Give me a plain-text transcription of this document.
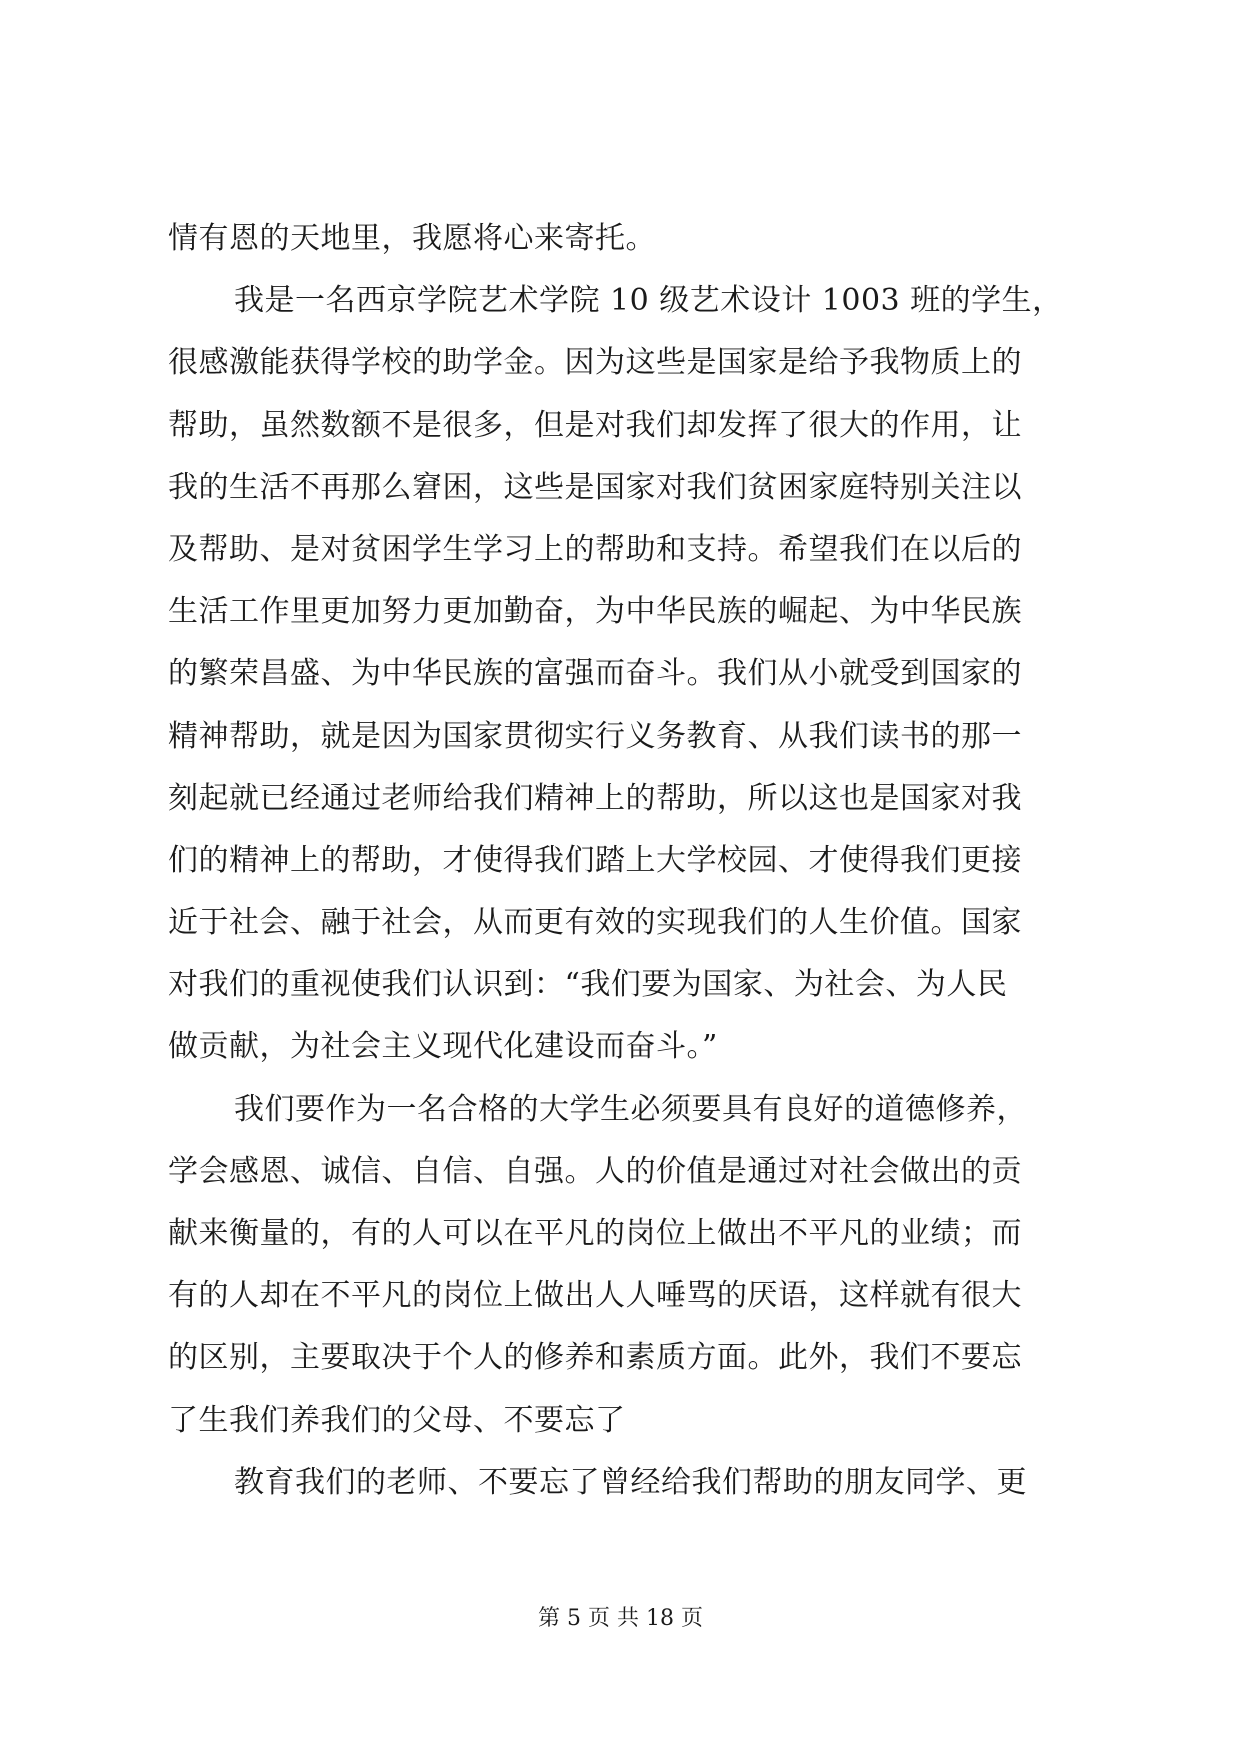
情有恩的天地里，我愿将心来寄托。
我是一名西京学院艺术学院 10 级艺术设计 1003 班的学生，
很感激能获得学校的助学金。因为这些是国家是给予我物质上的
帮助，虽然数额不是很多，但是对我们却发挥了很大的作用，让
我的生活不再那么窘困，这些是国家对我们贫困家庭特别关注以
及帮助、是对贫困学生学习上的帮助和支持。希望我们在以后的
生活工作里更加努力更加勤奋，为中华民族的崛起、为中华民族
的繁荣昌盛、为中华民族的富强而奋斗。我们从小就受到国家的
精神帮助，就是因为国家贯彻实行义务教育、从我们读书的那一
刻起就已经通过老师给我们精神上的帮助，所以这也是国家对我
们的精神上的帮助，才使得我们踏上大学校园、才使得我们更接
近于社会、融于社会，从而更有效的实现我们的人生价值。国家
对我们的重视使我们认识到：“我们要为国家、为社会、为人民
做贡献，为社会主义现代化建设而奋斗。”
我们要作为一名合格的大学生必须要具有良好的道德修养，
学会感恩、诚信、自信、自强。人的价值是通过对社会做出的贡
献来衡量的，有的人可以在平凡的岗位上做出不平凡的业绩；而
有的人却在不平凡的岗位上做出人人唾骂的厌语，这样就有很大
的区别，主要取决于个人的修养和素质方面。此外，我们不要忘
了生我们养我们的父母、不要忘了
教育我们的老师、不要忘了曾经给我们帮助的朋友同学、更
第 5 页 共 18 页
